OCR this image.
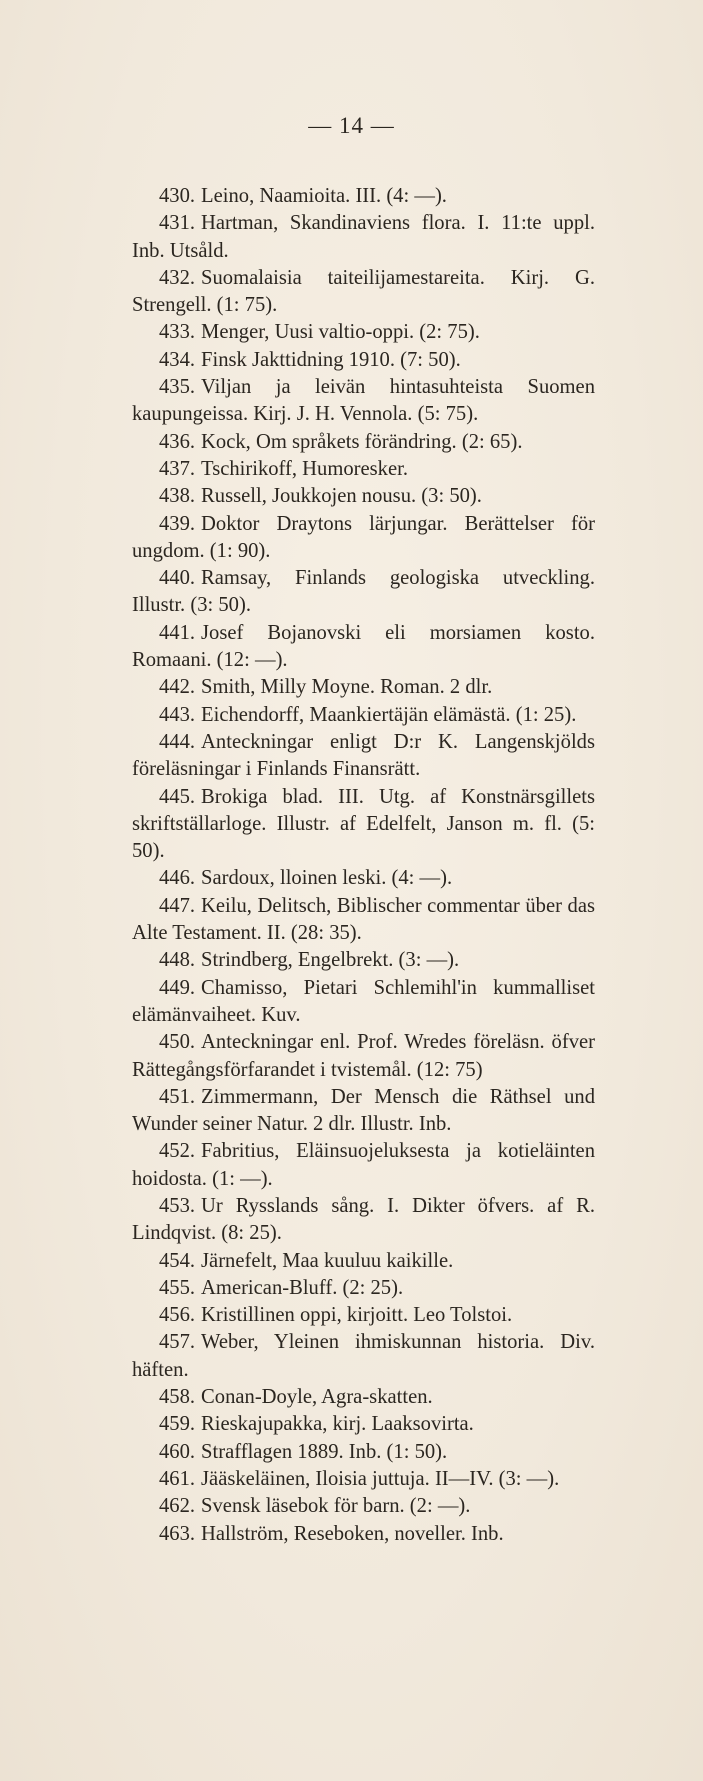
— 14 —

430. Leino, Naamioita. III. (4: —).

431. Hartman, Skandinaviens flora. I. 11:te uppl. Inb. Utsåld.

432. Suomalaisia taiteilijamestareita. Kirj. G. Strengell. (1: 75).

433. Menger, Uusi valtio-oppi. (2: 75).

434. Finsk Jakttidning 1910. (7: 50).

435. Viljan ja leivän hintasuhteista Suomen kaupungeissa. Kirj. J. H. Vennola. (5: 75).

436. Kock, Om språkets förändring. (2: 65).

437. Tschirikoff, Humoresker.

438. Russell, Joukkojen nousu. (3: 50).

439. Doktor Draytons lärjungar. Berättelser för ungdom. (1: 90).

440. Ramsay, Finlands geologiska utveckling. Illustr. (3: 50).

441. Josef Bojanovski eli morsiamen kosto. Romaani. (12: —).

442. Smith, Milly Moyne. Roman. 2 dlr.

443. Eichendorff, Maankiertäjän elämästä. (1: 25).

444. Anteckningar enligt D:r K. Langenskjölds föreläsningar i Finlands Finansrätt.

445. Brokiga blad. III. Utg. af Konstnärsgillets skriftställarloge. Illustr. af Edelfelt, Janson m. fl. (5: 50).

446. Sardoux, lloinen leski. (4: —).

447. Keilu, Delitsch, Biblischer commentar über das Alte Testament. II. (28: 35).

448. Strindberg, Engelbrekt. (3: —).

449. Chamisso, Pietari Schlemihl'in kummalliset elämänvaiheet. Kuv.

450. Anteckningar enl. Prof. Wredes föreläsn. öfver Rättegångsförfarandet i tvistemål. (12: 75)

451. Zimmermann, Der Mensch die Räthsel und Wunder seiner Natur. 2 dlr. Illustr. Inb.

452. Fabritius, Eläinsuojeluksesta ja kotieläinten hoidosta. (1: —).

453. Ur Rysslands sång. I. Dikter öfvers. af R. Lindqvist. (8: 25).

454. Järnefelt, Maa kuuluu kaikille.

455. American-Bluff. (2: 25).

456. Kristillinen oppi, kirjoitt. Leo Tolstoi.

457. Weber, Yleinen ihmiskunnan historia. Div. häften.

458. Conan-Doyle, Agra-skatten.

459. Rieskajupakka, kirj. Laaksovirta.

460. Strafflagen 1889. Inb. (1: 50).

461. Jääskeläinen, Iloisia juttuja. II—IV. (3: —).

462. Svensk läsebok för barn. (2: —).

463. Hallström, Reseboken, noveller. Inb.
